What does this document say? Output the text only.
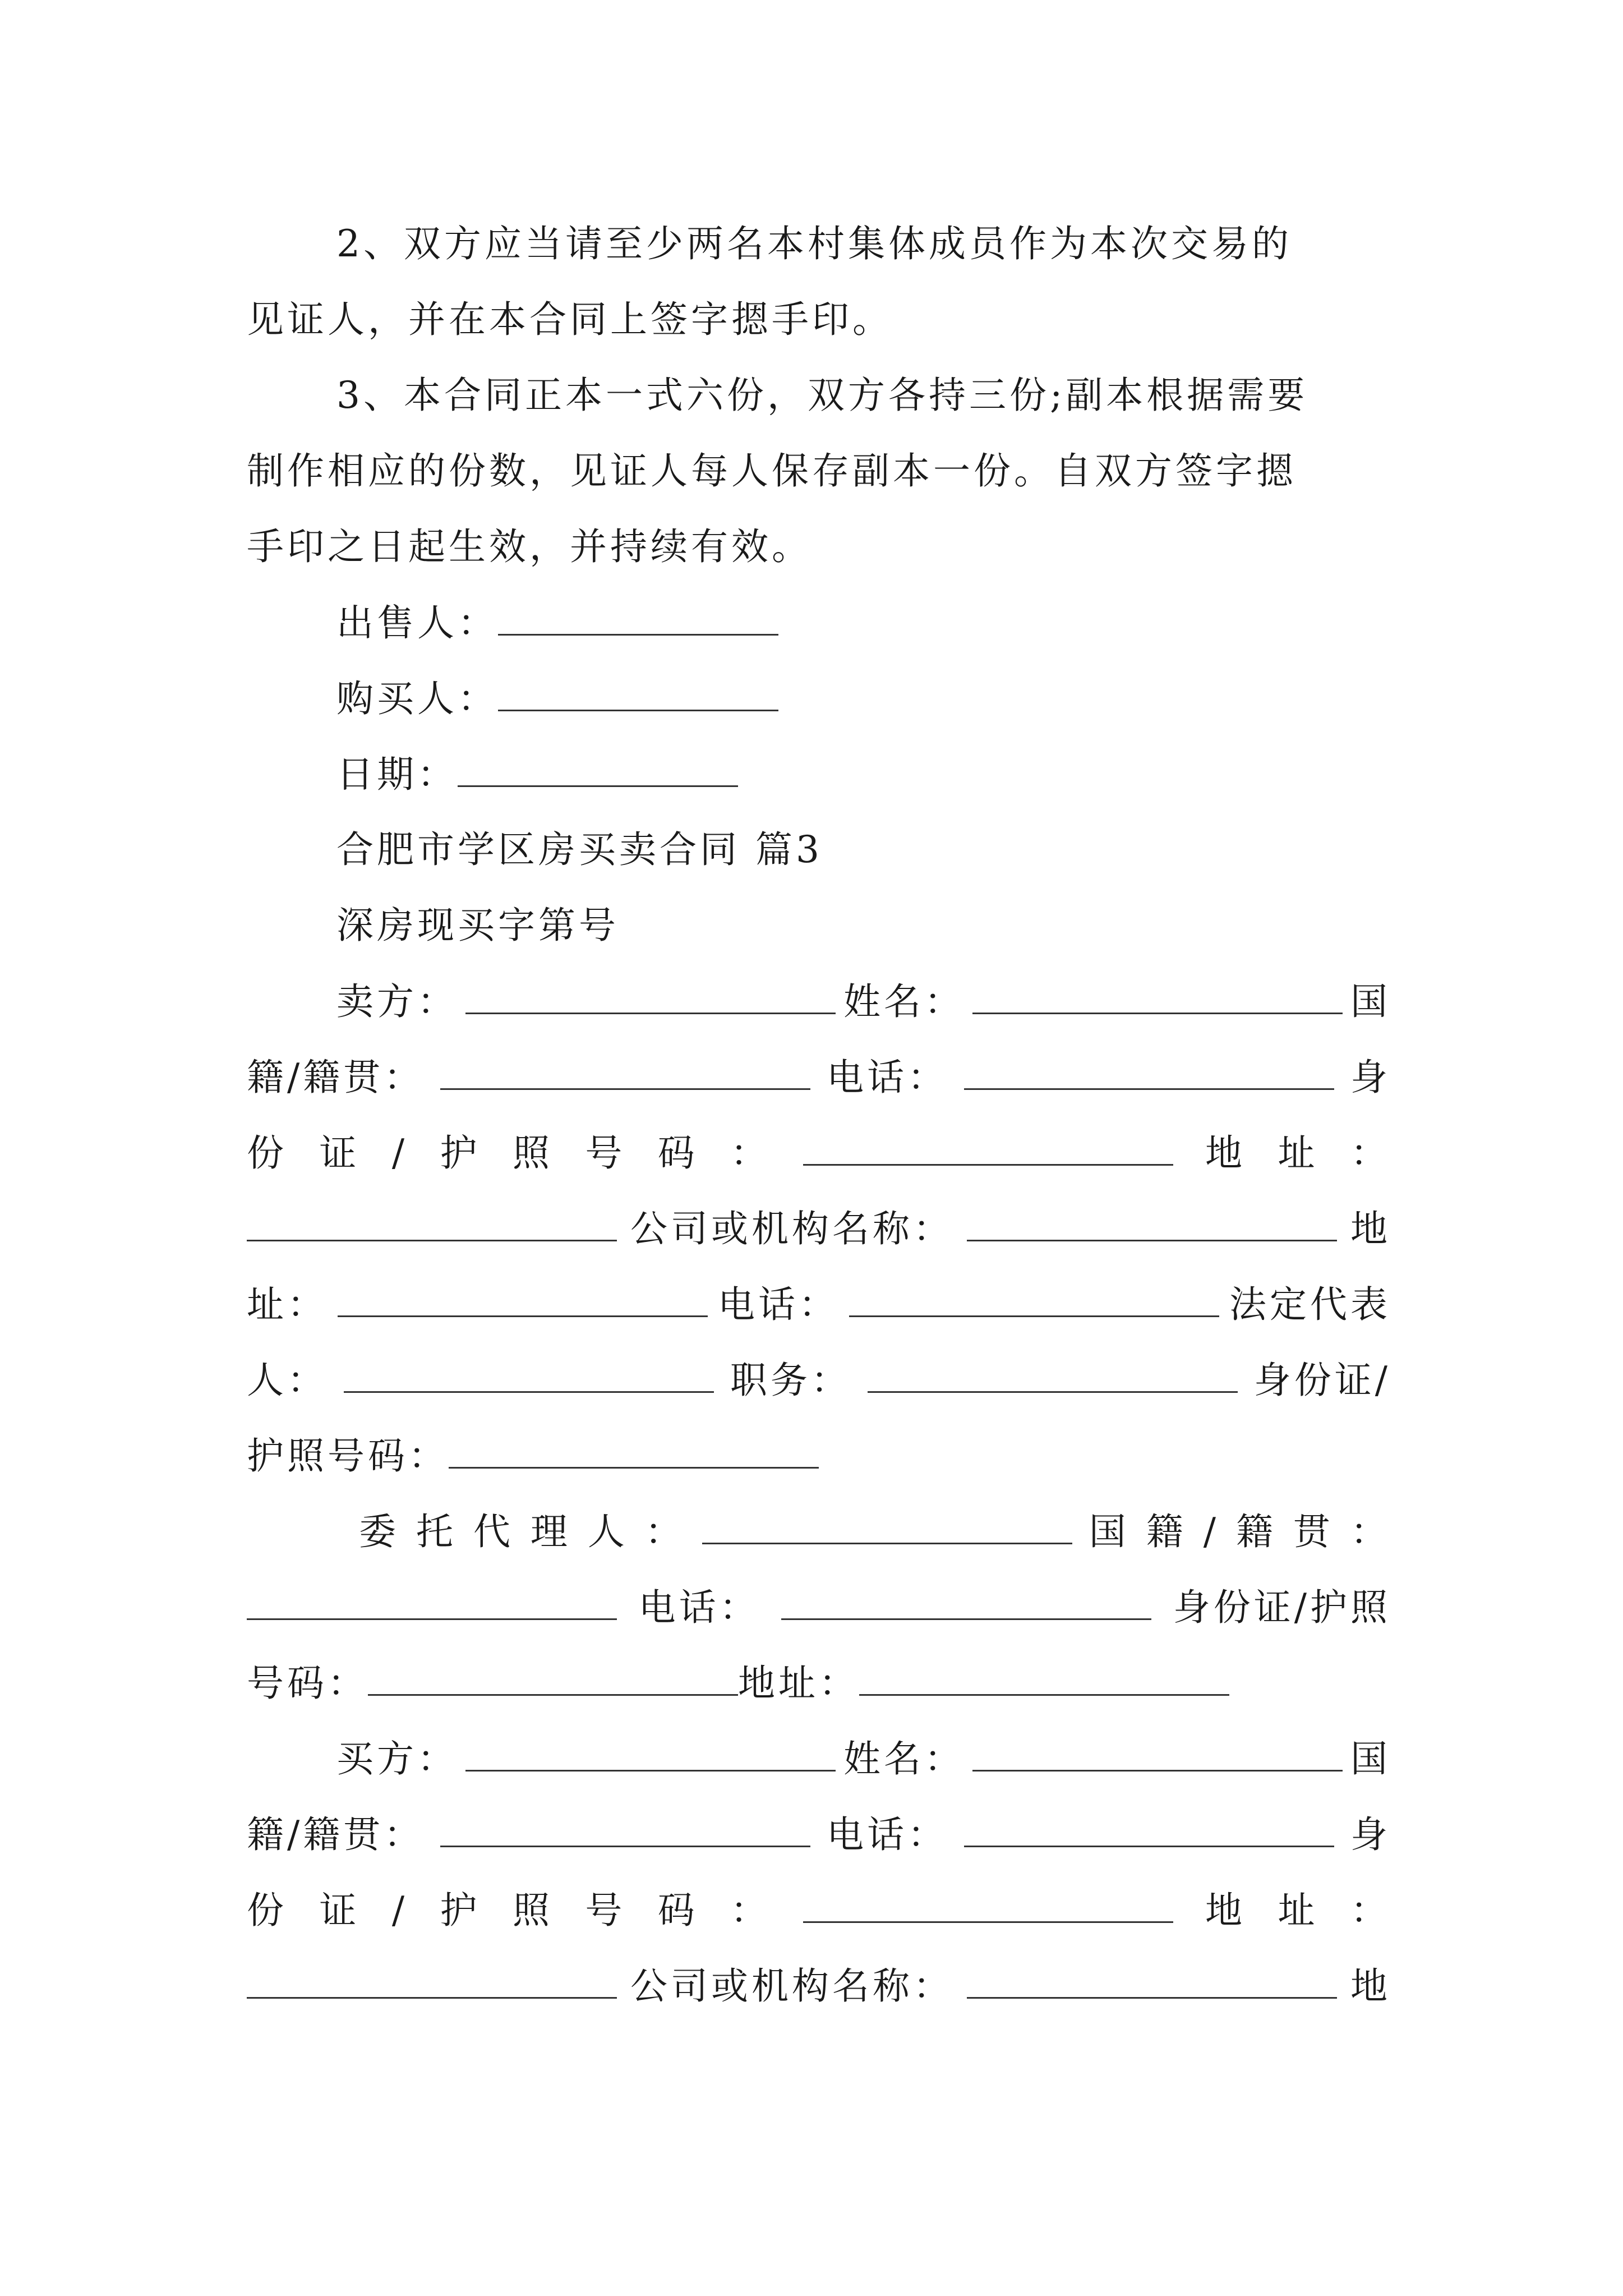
2、双方应当请至少两名本村集体成员作为本次交易的
见证人，并在本合同上签字摁手印。
3、本合同正本一式六份，双方各持三份;副本根据需要
制作相应的份数，见证人每人保存副本一份。自双方签字摁
手印之日起生效，并持续有效。
出售人：
购买人：
日期：
合肥市学区房买卖合同 篇3
深房现买字第号
卖方：	姓名：	国
籍/籍贯：	电话：	身
份 证 / 护 照 号 码 ：	地 址 ：
公司或机构名称：	地
址：	电话：	法定代表
人：	职务：	身份证/
护照号码：
委 托 代 理 人 ：	国 籍 / 籍 贯 ：
电话：	身份证/护照
号码：	地址：
买方：	姓名：	国
籍/籍贯：	电话：	身
份 证 / 护 照 号 码 ：	地 址 ：
公司或机构名称：	地
